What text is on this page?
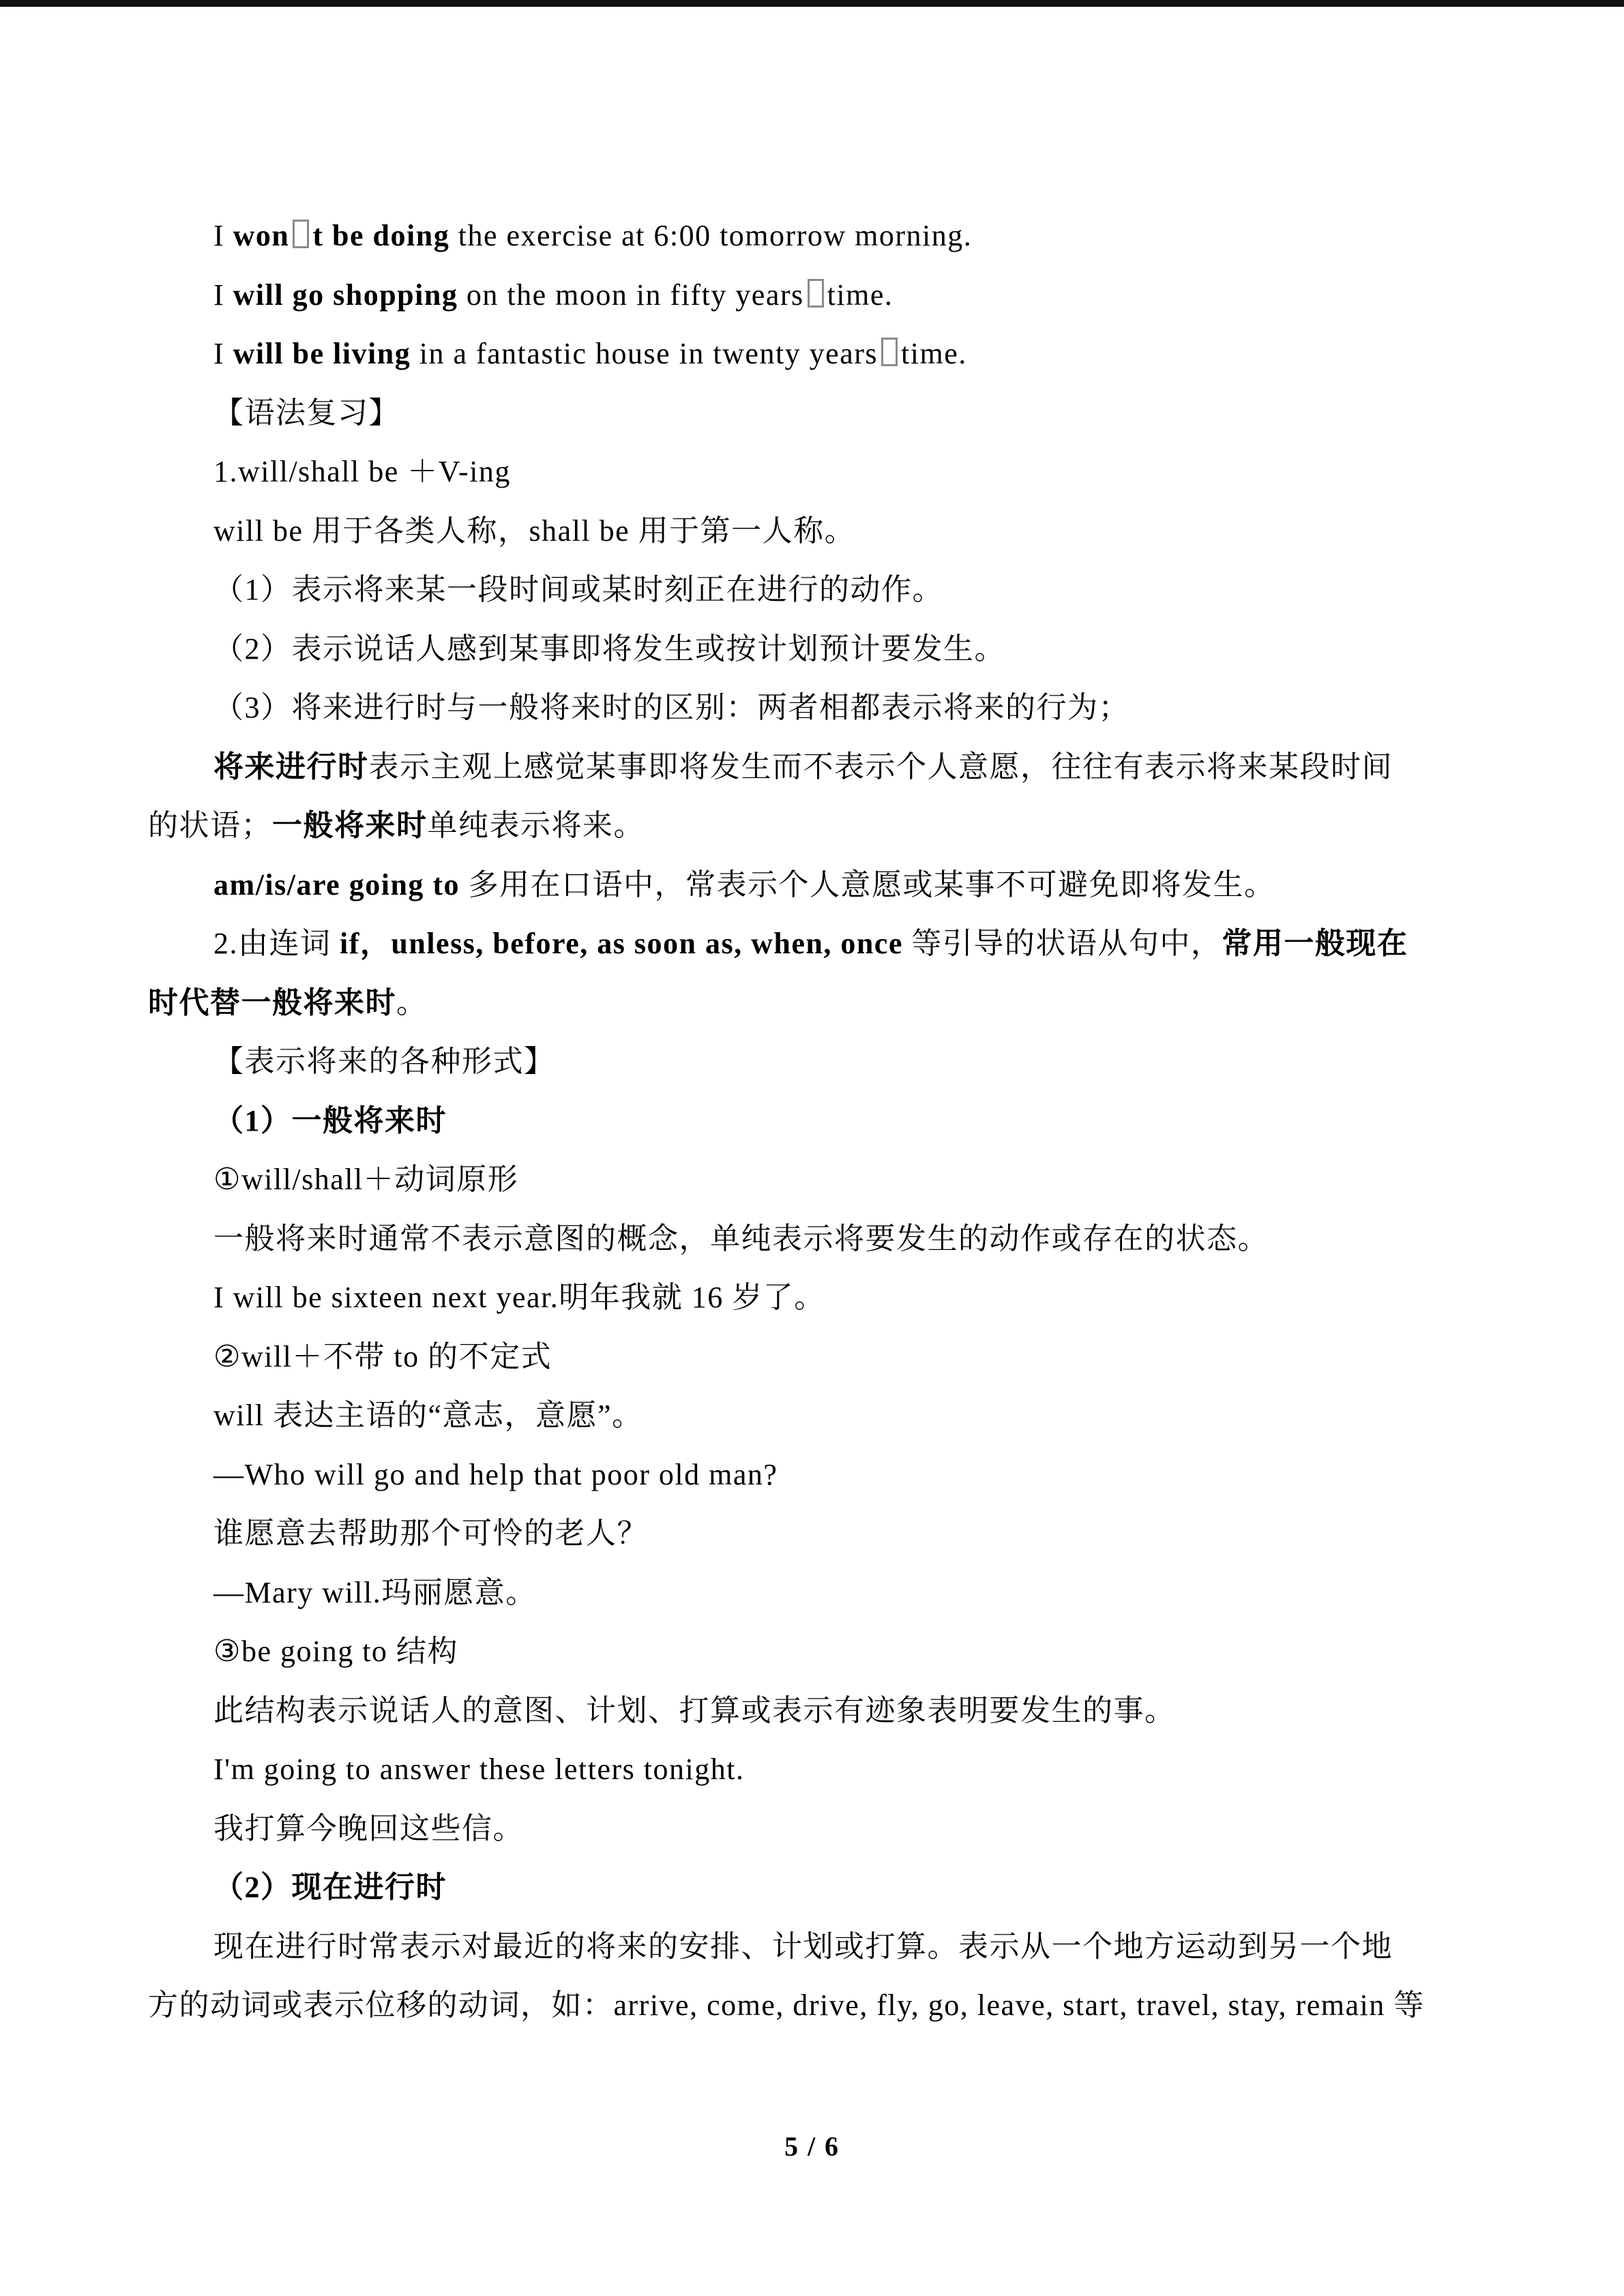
I won t be doing the exercise at 6:00 tomorrow morning.
I will go shopping on the moon in fifty years time.
I will be living in a fantastic house in twenty years time.
【语法复习】
1.will/shall be ＋V-ing
will be 用于各类人称，shall be 用于第一人称。
（1）表示将来某一段时间或某时刻正在进行的动作。
（2）表示说话人感到某事即将发生或按计划预计要发生。
（3）将来进行时与一般将来时的区别：两者相都表示将来的行为；
将来进行时表示主观上感觉某事即将发生而不表示个人意愿，往往有表示将来某段时间
的状语；一般将来时单纯表示将来。
am/is/are going to 多用在口语中，常表示个人意愿或某事不可避免即将发生。
2.由连词 if，unless, before, as soon as, when, once 等引导的状语从句中，常用一般现在
时代替一般将来时。
【表示将来的各种形式】
（1）一般将来时
①will/shall＋动词原形
一般将来时通常不表示意图的概念，单纯表示将要发生的动作或存在的状态。
I will be sixteen next year.明年我就 16 岁了。
②will＋不带 to 的不定式
will 表达主语的“意志，意愿”。
—Who will go and help that poor old man?
谁愿意去帮助那个可怜的老人？
—Mary will.玛丽愿意。
③be going to 结构
此结构表示说话人的意图、计划、打算或表示有迹象表明要发生的事。
I'm going to answer these letters tonight.
我打算今晚回这些信。
（2）现在进行时
现在进行时常表示对最近的将来的安排、计划或打算。表示从一个地方运动到另一个地
方的动词或表示位移的动词，如：arrive, come, drive, fly, go, leave, start, travel, stay, remain 等
5 / 6
